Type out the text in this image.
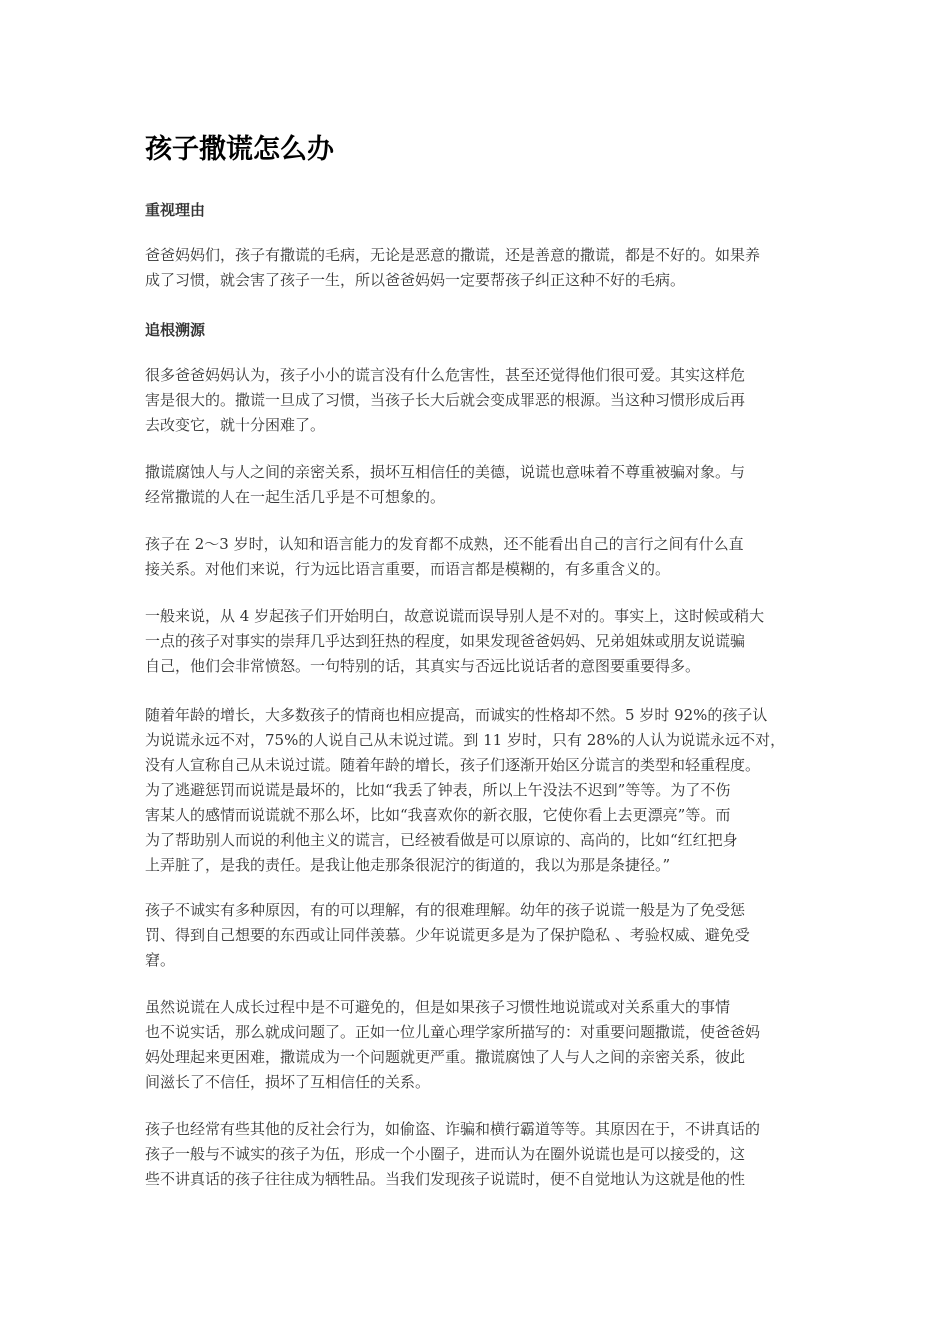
孩子撒谎怎么办
重视理由
爸爸妈妈们，孩子有撒谎的毛病，无论是恶意的撒谎，还是善意的撒谎，都是不好的。如果养
成了习惯，就会害了孩子一生，所以爸爸妈妈一定要帮孩子纠正这种不好的毛病。
追根溯源
很多爸爸妈妈认为，孩子小小的谎言没有什么危害性，甚至还觉得他们很可爱。其实这样危
害是很大的。撒谎一旦成了习惯，当孩子长大后就会变成罪恶的根源。当这种习惯形成后再
去改变它，就十分困难了。
撒谎腐蚀人与人之间的亲密关系，损坏互相信任的美德，说谎也意味着不尊重被骗对象。与
经常撒谎的人在一起生活几乎是不可想象的。
孩子在 2～3 岁时，认知和语言能力的发育都不成熟，还不能看出自己的言行之间有什么直
接关系。对他们来说，行为远比语言重要，而语言都是模糊的，有多重含义的。
一般来说，从 4 岁起孩子们开始明白，故意说谎而误导别人是不对的。事实上，这时候或稍大
一点的孩子对事实的崇拜几乎达到狂热的程度，如果发现爸爸妈妈、兄弟姐妹或朋友说谎骗
自己，他们会非常愤怒。一句特别的话，其真实与否远比说话者的意图要重要得多。
随着年龄的增长，大多数孩子的情商也相应提高，而诚实的性格却不然。5 岁时 92%的孩子认
为说谎永远不对，75%的人说自己从未说过谎。到 11 岁时，只有 28%的人认为说谎永远不对，
没有人宣称自己从未说过谎。随着年龄的增长，孩子们逐渐开始区分谎言的类型和轻重程度。
为了逃避惩罚而说谎是最坏的，比如“我丢了钟表，所以上午没法不迟到”等等。为了不伤
害某人的感情而说谎就不那么坏，比如“我喜欢你的新衣服，它使你看上去更漂亮”等。而
为了帮助别人而说的利他主义的谎言，已经被看做是可以原谅的、高尚的，比如“红红把身
上弄脏了，是我的责任。是我让他走那条很泥泞的街道的，我以为那是条捷径。”
孩子不诚实有多种原因，有的可以理解，有的很难理解。幼年的孩子说谎一般是为了免受惩
罚、得到自己想要的东西或让同伴羡慕。少年说谎更多是为了保护隐私 、考验权威、避免受
窘。
虽然说谎在人成长过程中是不可避免的，但是如果孩子习惯性地说谎或对关系重大的事情
也不说实话，那么就成问题了。正如一位儿童心理学家所描写的：对重要问题撒谎，使爸爸妈
妈处理起来更困难，撒谎成为一个问题就更严重。撒谎腐蚀了人与人之间的亲密关系，彼此
间滋长了不信任，损坏了互相信任的关系。
孩子也经常有些其他的反社会行为，如偷盗、诈骗和横行霸道等等。其原因在于，不讲真话的
孩子一般与不诚实的孩子为伍，形成一个小圈子，进而认为在圈外说谎也是可以接受的，这
些不讲真话的孩子往往成为牺牲品。当我们发现孩子说谎时，便不自觉地认为这就是他的性
